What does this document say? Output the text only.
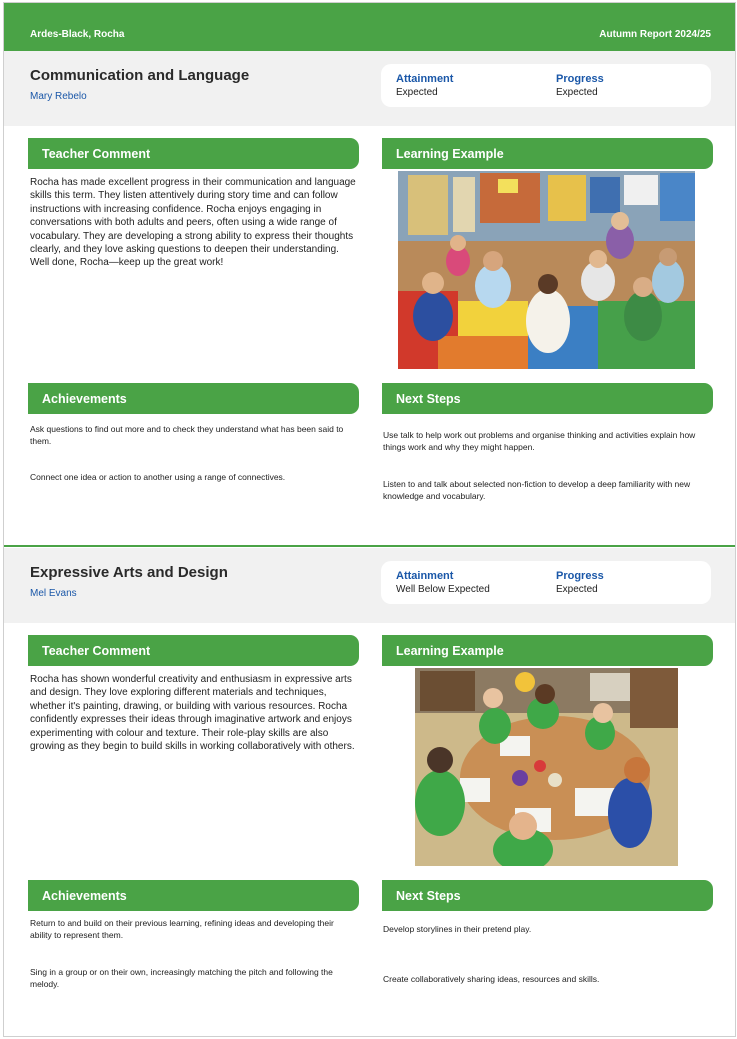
Ardes-Black, Rocha	Autumn Report 2024/25
Communication and Language
Mary Rebelo
Attainment
Expected
Progress
Expected
Teacher Comment	Learning Example
Rocha has made excellent progress in their communication and language skills this term. They listen attentively during story time and can follow instructions with increasing confidence. Rocha enjoys engaging in conversations with both adults and peers, often using a wide range of vocabulary. They are developing a strong ability to express their thoughts clearly, and they love asking questions to deepen their understanding. Well done, Rocha—keep up the great work!
Achievements	Next Steps
Ask questions to find out more and to check they understand what has been said to them.
Connect one idea or action to another using a range of connectives.
Use talk to help work out problems and organise thinking and activities explain how things work and why they might happen.
Listen to and talk about selected non-fiction to develop a deep familiarity with new knowledge and vocabulary.
Expressive Arts and Design
Mel Evans
Attainment
Well Below Expected
Progress
Expected
Teacher Comment	Learning Example
Rocha has shown wonderful creativity and enthusiasm in expressive arts and design. They love exploring different materials and techniques, whether it's painting, drawing, or building with various resources. Rocha confidently expresses their ideas through imaginative artwork and enjoys experimenting with colour and texture. Their role-play skills are also growing as they begin to build skills in working collaboratively with others.
Achievements	Next Steps
Return to and build on their previous learning, refining ideas and developing their ability to represent them.
Sing in a group or on their own, increasingly matching the pitch and following the melody.
Develop storylines in their pretend play.
Create collaboratively sharing ideas, resources and skills.
